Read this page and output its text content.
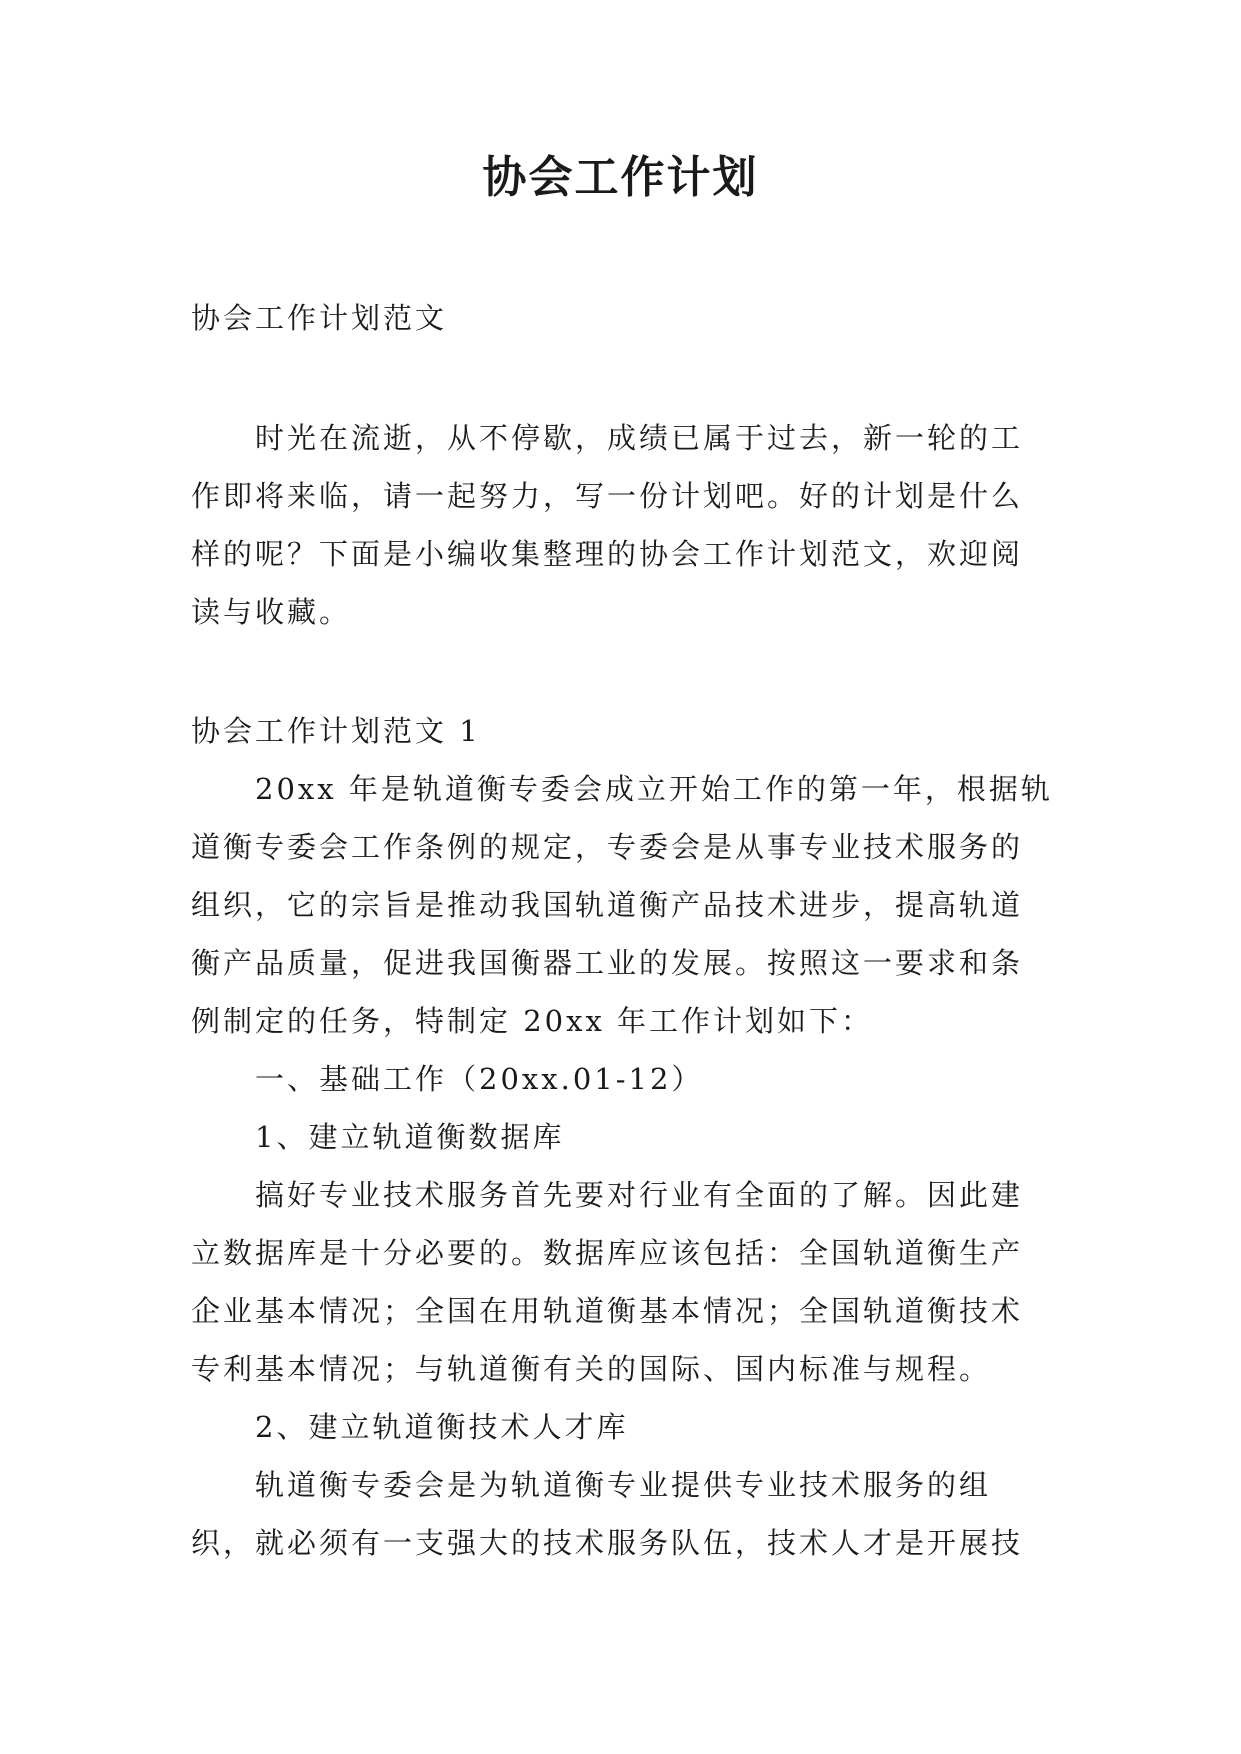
协会工作计划
协会工作计划范文

时光在流逝，从不停歇，成绩已属于过去，新一轮的工

作即将来临，请一起努力，写一份计划吧。好的计划是什么

样的呢？下面是小编收集整理的协会工作计划范文，欢迎阅

读与收藏。

协会工作计划范文 1

20xx 年是轨道衡专委会成立开始工作的第一年，根据轨

道衡专委会工作条例的规定，专委会是从事专业技术服务的

组织，它的宗旨是推动我国轨道衡产品技术进步，提高轨道

衡产品质量，促进我国衡器工业的发展。按照这一要求和条

例制定的任务，特制定 20xx 年工作计划如下：

一、基础工作（20xx.01-12）

1、建立轨道衡数据库

搞好专业技术服务首先要对行业有全面的了解。因此建

立数据库是十分必要的。数据库应该包括：全国轨道衡生产

企业基本情况；全国在用轨道衡基本情况；全国轨道衡技术

专利基本情况；与轨道衡有关的国际、国内标准与规程。

2、建立轨道衡技术人才库

轨道衡专委会是为轨道衡专业提供专业技术服务的组

织，就必须有一支强大的技术服务队伍，技术人才是开展技
